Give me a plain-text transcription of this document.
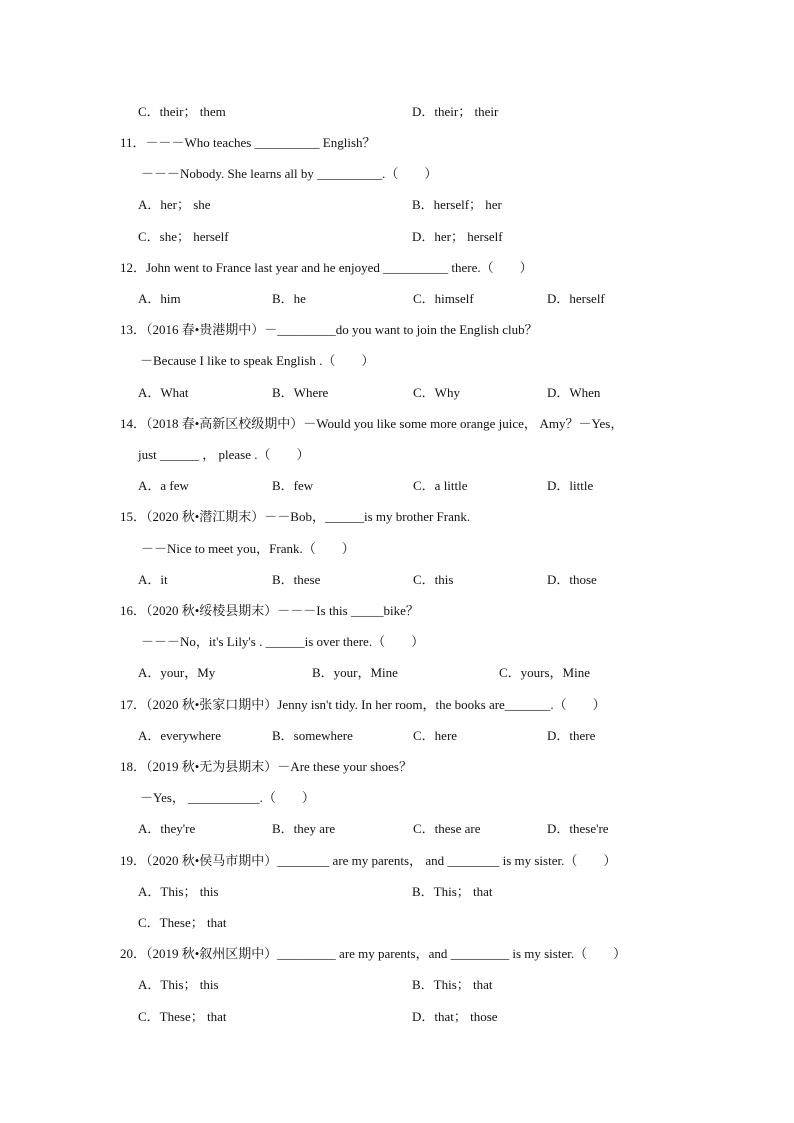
C．their； them	D．their； their
11．－－－Who teaches __________ English？
－－－Nobody. She learns all by __________.（　　）
A．her； she	B．herself； her
C．she； herself	D．her； herself
12．John went to France last year and he enjoyed __________ there.（　　）
A．him	B．he	C．himself	D．herself
13．（2016 春•贵港期中）－_________do you want to join the English club？
－Because I like to speak English .（　　）
A．What	B．Where	C．Why	D．When
14．（2018 春•高新区校级期中）－Would you like some more orange juice， Amy？－Yes，
just ______ ， please .（　　）
A．a few	B．few	C．a little	D．little
15．（2020 秋•潜江期末）－－Bob，______is my brother Frank.
－－Nice to meet you，Frank.（　　）
A．it	B．these	C．this	D．those
16．（2020 秋•绥棱县期末）－－－Is this _____bike？
－－－No，it's Lily's . ______is over there.（　　）
A．your，My	B．your，Mine	C．yours，Mine
17．（2020 秋•张家口期中）Jenny isn't tidy. In her room，the books are_______.（　　）
A．everywhere	B．somewhere	C．here	D．there
18．（2019 秋•无为县期末）－Are these your shoes？
－Yes， ___________.（　　）
A．they're	B．they are	C．these are	D．these're
19．（2020 秋•侯马市期中）________ are my parents， and ________ is my sister.（　　）
A．This； this	B．This； that
C．These； that
20．（2019 秋•叙州区期中）_________ are my parents，and _________ is my sister.（　　）
A．This； this	B．This； that
C．These； that	D．that； those
